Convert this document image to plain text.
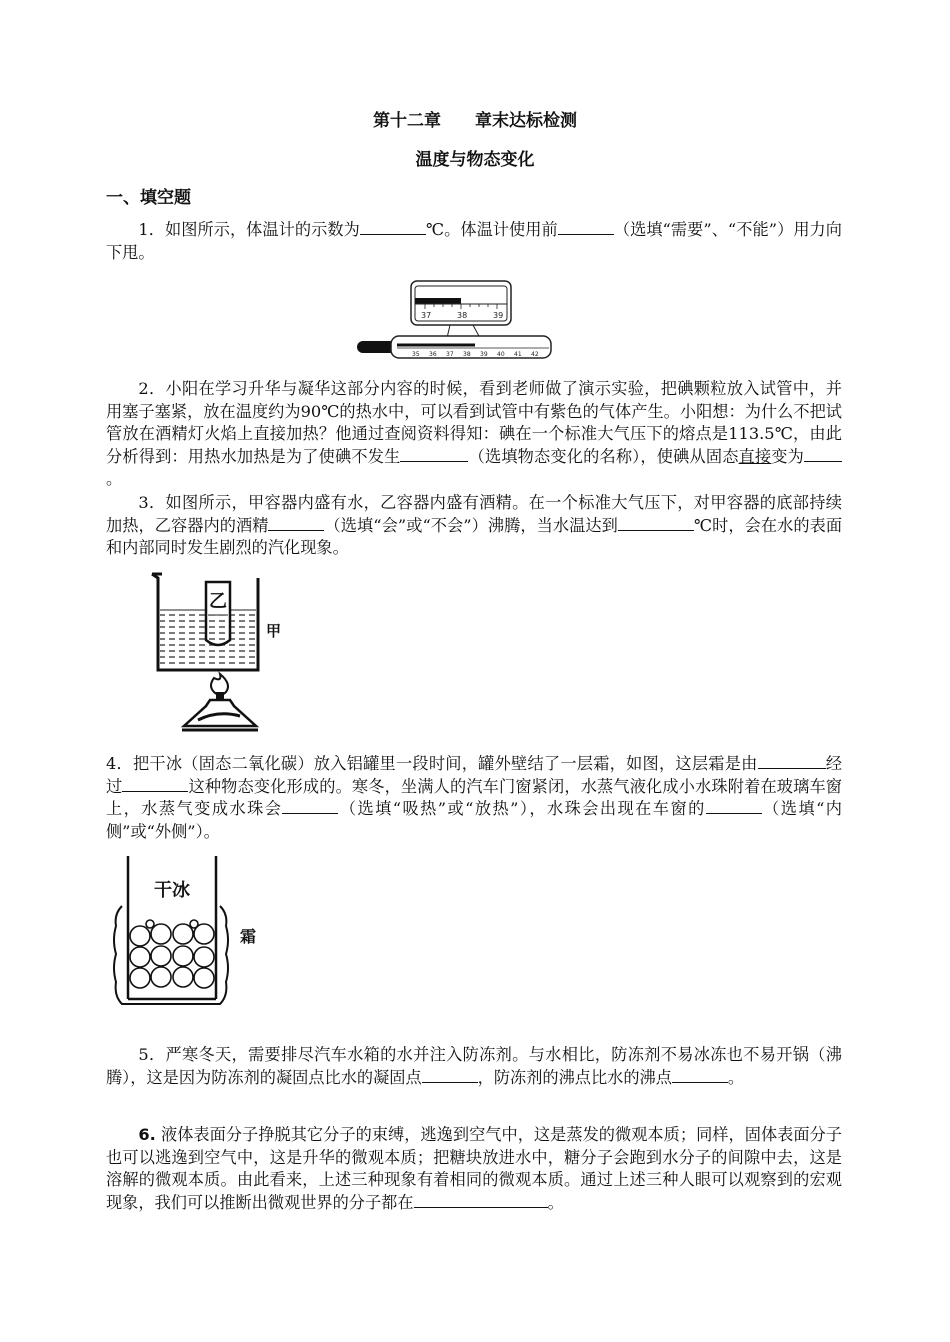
第十二章　　章末达标检测
温度与物态变化
一、填空题

1．如图所示，体温计的示数为	℃。体温计使用前	（选填“需要”、“不能”）用力向下甩。

37	38	39
35 36 37 38 39 40 41 42

2．小阳在学习升华与凝华这部分内容的时候，看到老师做了演示实验，把碘颗粒放入试管中，并用塞子塞紧，放在温度约为90℃的热水中，可以看到试管中有紫色的气体产生。小阳想：为什么不把试管放在酒精灯火焰上直接加热？他通过查阅资料得知：碘在一个标准大气压下的熔点是113.5℃，由此分析得到：用热水加热是为了使碘不发生	（选填物态变化的名称），使碘从固态直接变为。

3．如图所示，甲容器内盛有水，乙容器内盛有酒精。在一个标准大气压下，对甲容器的底部持续加热，乙容器内的酒精	（选填“会”或“不会”）沸腾，当水温达到	℃时，会在水的表面和内部同时发生剧烈的汽化现象。

乙
甲

4．把干冰（固态二氧化碳）放入铝罐里一段时间，罐外壁结了一层霜，如图，这层霜是由	经过	这种物态变化形成的。寒冬，坐满人的汽车门窗紧闭，水蒸气液化成小水珠附着在玻璃车窗上，水蒸气变成水珠会	（选填“吸热”或“放热”），水珠会出现在车窗的	（选填“内侧”或“外侧”）。

干冰
霜

5．严寒冬天，需要排尽汽车水箱的水并注入防冻剂。与水相比，防冻剂不易冰冻也不易开锅（沸腾），这是因为防冻剂的凝固点比水的凝固点	，防冻剂的沸点比水的沸点	。

6. 液体表面分子挣脱其它分子的束缚，逃逸到空气中，这是蒸发的微观本质；同样，固体表面分子也可以逃逸到空气中，这是升华的微观本质；把糖块放进水中，糖分子会跑到水分子的间隙中去，这是溶解的微观本质。由此看来，上述三种现象有着相同的微观本质。通过上述三种人眼可以观察到的宏观现象，我们可以推断出微观世界的分子都在	。
